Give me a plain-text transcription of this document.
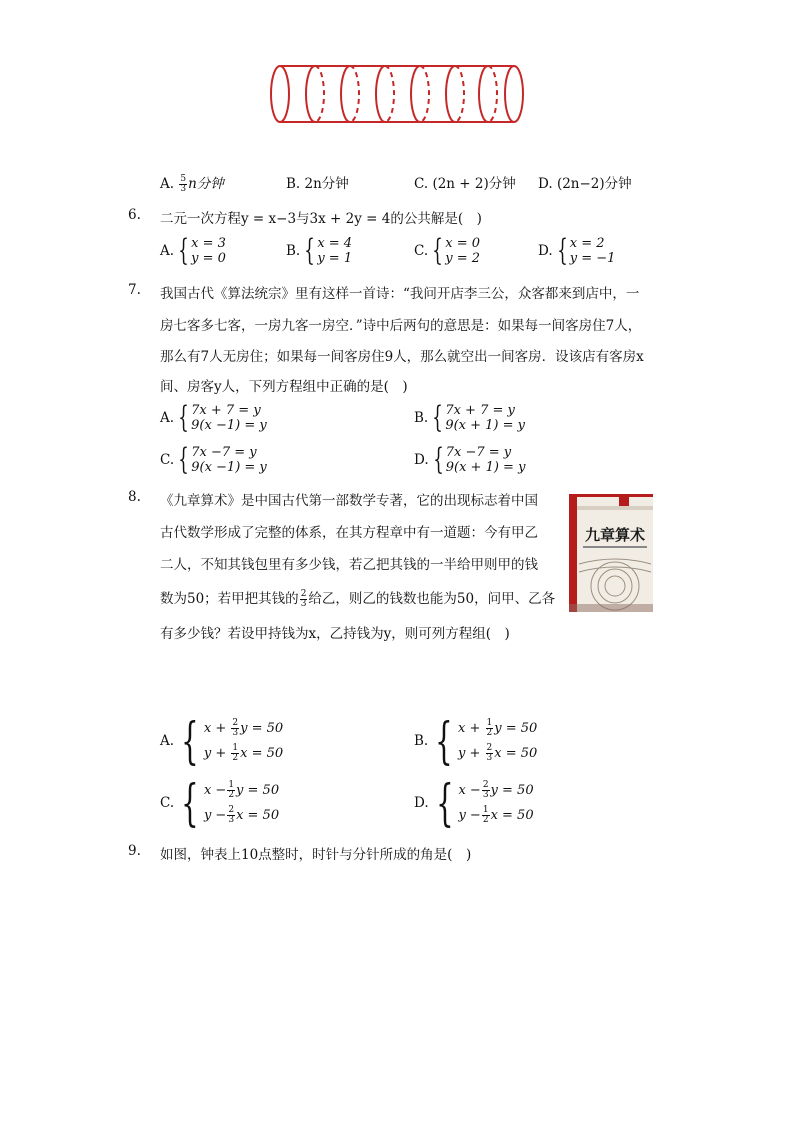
A. $\frac{5}{3}$ n分钟	B. 2n分钟	C. (2n + 2)分钟 D. (2n−2)分钟
6. 二元一次方程y = x−3与3x + 2y = 4的公共解是(　)
A. { x = 3
y = 0	B. { x = 4
y = 1	C. { x = 0
y = 2	D. { x = 2
y = −1
7. 我国古代《算法统宗》里有这样一首诗：“我问开店李三公，众客都来到店中，一
房七客多七客，一房九客一房空．”诗中后两句的意思是：如果每一间客房住7人，
那么有7人无房住；如果每一间客房住9人，那么就空出一间客房．设该店有客房x
间、房客y人，下列方程组中正确的是(　)
A. { 7x + 7 = y
9(x −1) = y	B. { 7x + 7 = y
9(x + 1) = y
C. { 7x −7 = y
9(x −1) = y	D. { 7x −7 = y
9(x + 1) = y
8. 《九章算术》是中国古代第一部数学专著，它的出现标志着中国
古代数学形成了完整的体系，在其方程章中有一道题：今有甲乙
二人，不知其钱包里有多少钱，若乙把其钱的一半给甲则甲的钱
数为50；若甲把其钱的 $\frac{2}{3}$ 给乙，则乙的钱数也能为50，问甲、乙各
有多少钱？若设甲持钱为x，乙持钱为y，则可列方程组(　)
九章算术
A. { $x + \frac{2}{3}$ y = 50
$y + \frac{1}{2}$ x = 50
B. { $x + \frac{1}{2}$ y = 50
$y + \frac{2}{3}$ x = 50
C. { $x - \frac{1}{2}$ y = 50
$y - \frac{2}{3}$ x = 50
D. { $x - \frac{2}{3}$ y = 50
$y - \frac{1}{2}$ x = 50
9. 如图，钟表上10点整时，时针与分针所成的角是(　)
